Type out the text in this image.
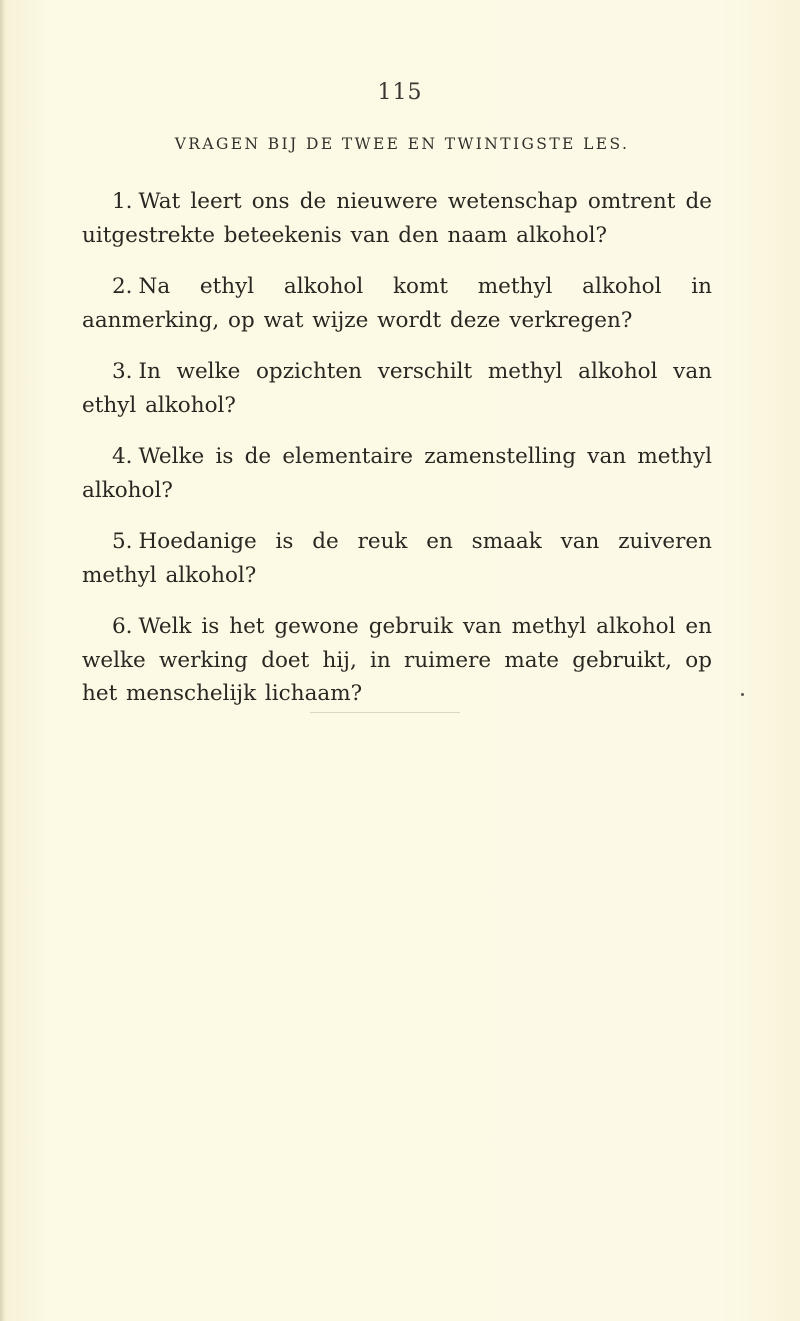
115
VRAGEN BIJ DE TWEE EN TWINTIGSTE LES.
1. Wat leert ons de nieuwere wetenschap omtrent de uitgestrekte beteekenis van den naam alkohol?
2. Na ethyl alkohol komt methyl alkohol in aanmerking, op wat wijze wordt deze verkregen?
3. In welke opzichten verschilt methyl alkohol van ethyl alkohol?
4. Welke is de elementaire zamenstelling van methyl alkohol?
5. Hoedanige is de reuk en smaak van zuiveren methyl alkohol?
6. Welk is het gewone gebruik van methyl alkohol en welke werking doet hij, in ruimere mate gebruikt, op het menschelijk lichaam?
